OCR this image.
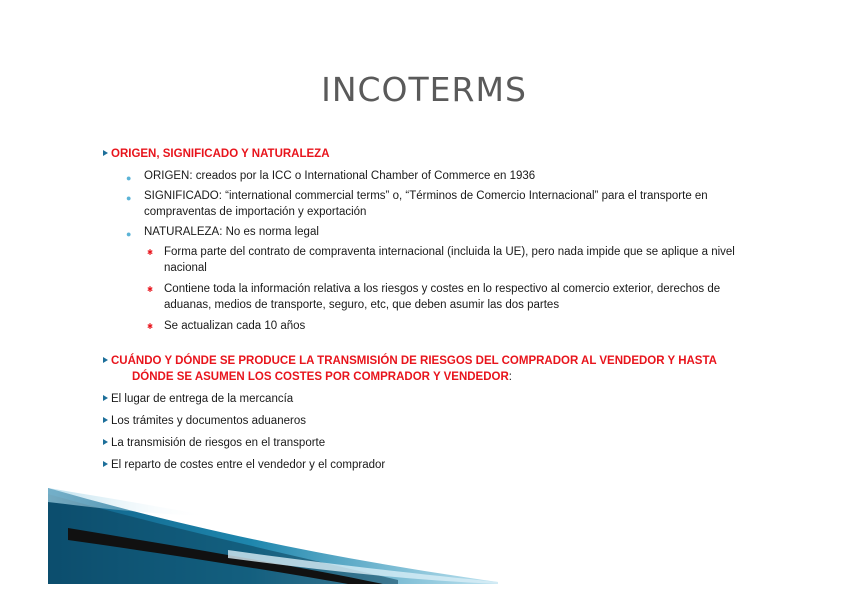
INCOTERMS
ORIGEN, SIGNIFICADO Y NATURALEZA
● ORIGEN: creados por la ICC o International Chamber of Commerce en 1936
● SIGNIFICADO: “international commercial terms” o, “Términos de Comercio Internacional” para el transporte en compraventas de importación y exportación
● NATURALEZA: No es norma legal
✱ Forma parte del contrato de compraventa internacional (incluida la UE), pero nada impide que se aplique a nivel nacional
✱ Contiene toda la información relativa a los riesgos y costes en lo respectivo al comercio exterior, derechos de aduanas, medios de transporte, seguro, etc, que deben asumir las dos partes
✱ Se actualizan cada 10 años
CUÁNDO Y DÓNDE SE PRODUCE LA TRANSMISIÓN DE RIESGOS DEL COMPRADOR AL VENDEDOR Y HASTA
DÓNDE SE ASUMEN LOS COSTES POR COMPRADOR Y VENDEDOR:
El lugar de entrega de la mercancía
Los trámites y documentos aduaneros
La transmisión de riesgos en el transporte
El reparto de costes entre el vendedor y el comprador
